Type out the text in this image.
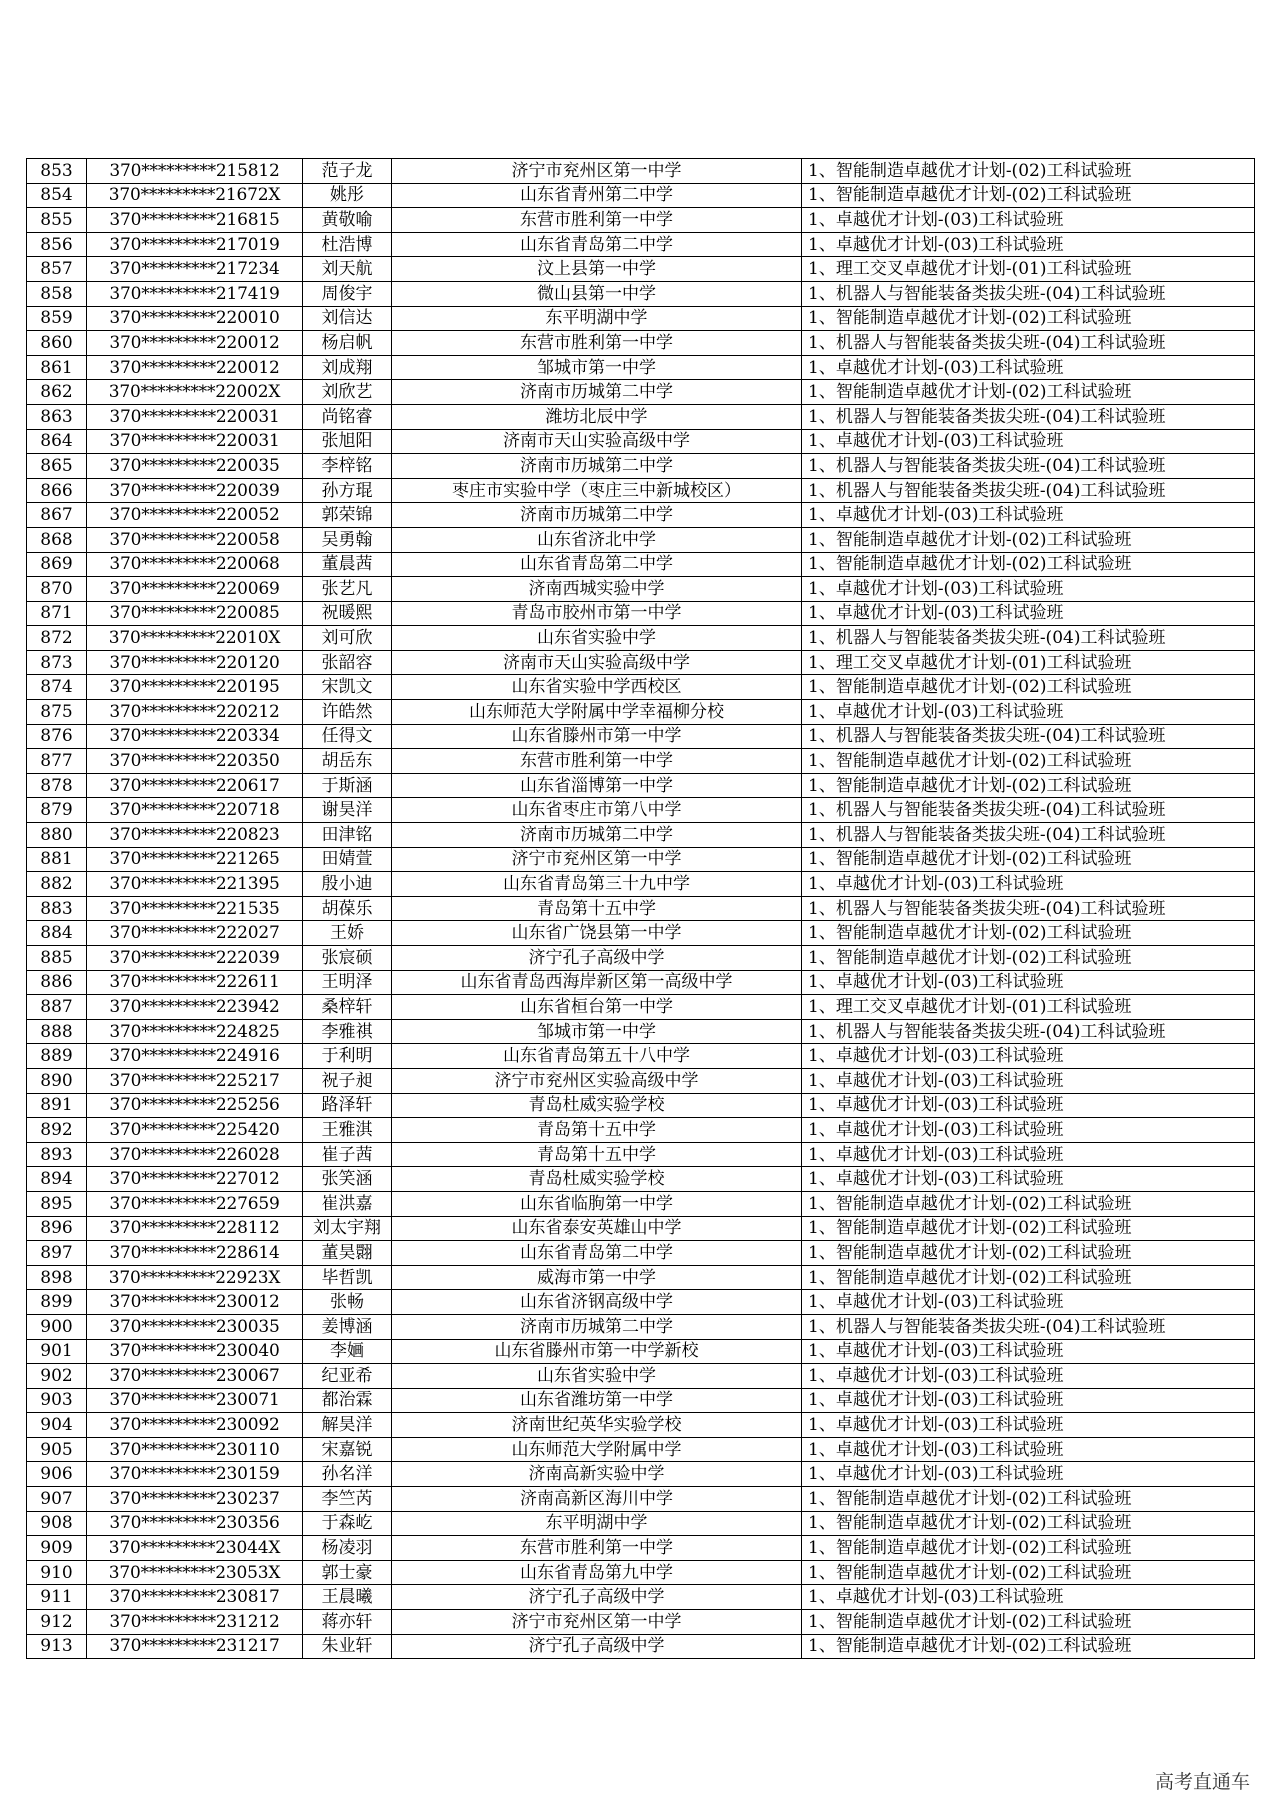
853	370*********215812	范子龙	济宁市兖州区第一中学	1、智能制造卓越优才计划-(02)工科试验班
854	370*********21672X	姚彤	山东省青州第二中学	1、智能制造卓越优才计划-(02)工科试验班
855	370*********216815	黄敬喻	东营市胜利第一中学	1、卓越优才计划-(03)工科试验班
856	370*********217019	杜浩博	山东省青岛第二中学	1、卓越优才计划-(03)工科试验班
857	370*********217234	刘天航	汶上县第一中学	1、理工交叉卓越优才计划-(01)工科试验班
858	370*********217419	周俊宇	微山县第一中学	1、机器人与智能装备类拔尖班-(04)工科试验班
859	370*********220010	刘信达	东平明湖中学	1、智能制造卓越优才计划-(02)工科试验班
860	370*********220012	杨启帆	东营市胜利第一中学	1、机器人与智能装备类拔尖班-(04)工科试验班
861	370*********220012	刘成翔	邹城市第一中学	1、卓越优才计划-(03)工科试验班
862	370*********22002X	刘欣艺	济南市历城第二中学	1、智能制造卓越优才计划-(02)工科试验班
863	370*********220031	尚铭睿	潍坊北辰中学	1、机器人与智能装备类拔尖班-(04)工科试验班
864	370*********220031	张旭阳	济南市天山实验高级中学	1、卓越优才计划-(03)工科试验班
865	370*********220035	李梓铭	济南市历城第二中学	1、机器人与智能装备类拔尖班-(04)工科试验班
866	370*********220039	孙方琨	枣庄市实验中学（枣庄三中新城校区）	1、机器人与智能装备类拔尖班-(04)工科试验班
867	370*********220052	郭荣锦	济南市历城第二中学	1、卓越优才计划-(03)工科试验班
868	370*********220058	吴勇翰	山东省济北中学	1、智能制造卓越优才计划-(02)工科试验班
869	370*********220068	董晨茜	山东省青岛第二中学	1、智能制造卓越优才计划-(02)工科试验班
870	370*********220069	张艺凡	济南西城实验中学	1、卓越优才计划-(03)工科试验班
871	370*********220085	祝暖熙	青岛市胶州市第一中学	1、卓越优才计划-(03)工科试验班
872	370*********22010X	刘可欣	山东省实验中学	1、机器人与智能装备类拔尖班-(04)工科试验班
873	370*********220120	张韶容	济南市天山实验高级中学	1、理工交叉卓越优才计划-(01)工科试验班
874	370*********220195	宋凯文	山东省实验中学西校区	1、智能制造卓越优才计划-(02)工科试验班
875	370*********220212	许皓然	山东师范大学附属中学幸福柳分校	1、卓越优才计划-(03)工科试验班
876	370*********220334	任得文	山东省滕州市第一中学	1、机器人与智能装备类拔尖班-(04)工科试验班
877	370*********220350	胡岳东	东营市胜利第一中学	1、智能制造卓越优才计划-(02)工科试验班
878	370*********220617	于斯涵	山东省淄博第一中学	1、智能制造卓越优才计划-(02)工科试验班
879	370*********220718	谢昊洋	山东省枣庄市第八中学	1、机器人与智能装备类拔尖班-(04)工科试验班
880	370*********220823	田津铭	济南市历城第二中学	1、机器人与智能装备类拔尖班-(04)工科试验班
881	370*********221265	田婧萱	济宁市兖州区第一中学	1、智能制造卓越优才计划-(02)工科试验班
882	370*********221395	殷小迪	山东省青岛第三十九中学	1、卓越优才计划-(03)工科试验班
883	370*********221535	胡葆乐	青岛第十五中学	1、机器人与智能装备类拔尖班-(04)工科试验班
884	370*********222027	王娇	山东省广饶县第一中学	1、智能制造卓越优才计划-(02)工科试验班
885	370*********222039	张宸硕	济宁孔子高级中学	1、智能制造卓越优才计划-(02)工科试验班
886	370*********222611	王明泽	山东省青岛西海岸新区第一高级中学	1、卓越优才计划-(03)工科试验班
887	370*********223942	桑梓轩	山东省桓台第一中学	1、理工交叉卓越优才计划-(01)工科试验班
888	370*********224825	李雅祺	邹城市第一中学	1、机器人与智能装备类拔尖班-(04)工科试验班
889	370*********224916	于利明	山东省青岛第五十八中学	1、卓越优才计划-(03)工科试验班
890	370*********225217	祝子昶	济宁市兖州区实验高级中学	1、卓越优才计划-(03)工科试验班
891	370*********225256	路泽轩	青岛杜威实验学校	1、卓越优才计划-(03)工科试验班
892	370*********225420	王雅淇	青岛第十五中学	1、卓越优才计划-(03)工科试验班
893	370*********226028	崔子茜	青岛第十五中学	1、卓越优才计划-(03)工科试验班
894	370*********227012	张笑涵	青岛杜威实验学校	1、卓越优才计划-(03)工科试验班
895	370*********227659	崔洪嘉	山东省临朐第一中学	1、智能制造卓越优才计划-(02)工科试验班
896	370*********228112	刘太宇翔	山东省泰安英雄山中学	1、智能制造卓越优才计划-(02)工科试验班
897	370*********228614	董昊翾	山东省青岛第二中学	1、智能制造卓越优才计划-(02)工科试验班
898	370*********22923X	毕哲凯	威海市第一中学	1、智能制造卓越优才计划-(02)工科试验班
899	370*********230012	张畅	山东省济钢高级中学	1、卓越优才计划-(03)工科试验班
900	370*********230035	姜博涵	济南市历城第二中学	1、机器人与智能装备类拔尖班-(04)工科试验班
901	370*********230040	李婳	山东省滕州市第一中学新校	1、卓越优才计划-(03)工科试验班
902	370*********230067	纪亚希	山东省实验中学	1、卓越优才计划-(03)工科试验班
903	370*********230071	都治霖	山东省潍坊第一中学	1、卓越优才计划-(03)工科试验班
904	370*********230092	解昊洋	济南世纪英华实验学校	1、卓越优才计划-(03)工科试验班
905	370*********230110	宋嘉锐	山东师范大学附属中学	1、卓越优才计划-(03)工科试验班
906	370*********230159	孙名洋	济南高新实验中学	1、卓越优才计划-(03)工科试验班
907	370*********230237	李竺芮	济南高新区海川中学	1、智能制造卓越优才计划-(02)工科试验班
908	370*********230356	于森屹	东平明湖中学	1、智能制造卓越优才计划-(02)工科试验班
909	370*********23044X	杨凌羽	东营市胜利第一中学	1、智能制造卓越优才计划-(02)工科试验班
910	370*********23053X	郭士豪	山东省青岛第九中学	1、智能制造卓越优才计划-(02)工科试验班
911	370*********230817	王晨曦	济宁孔子高级中学	1、卓越优才计划-(03)工科试验班
912	370*********231212	蒋亦轩	济宁市兖州区第一中学	1、智能制造卓越优才计划-(02)工科试验班
913	370*********231217	朱业轩	济宁孔子高级中学	1、智能制造卓越优才计划-(02)工科试验班
高考直通车
